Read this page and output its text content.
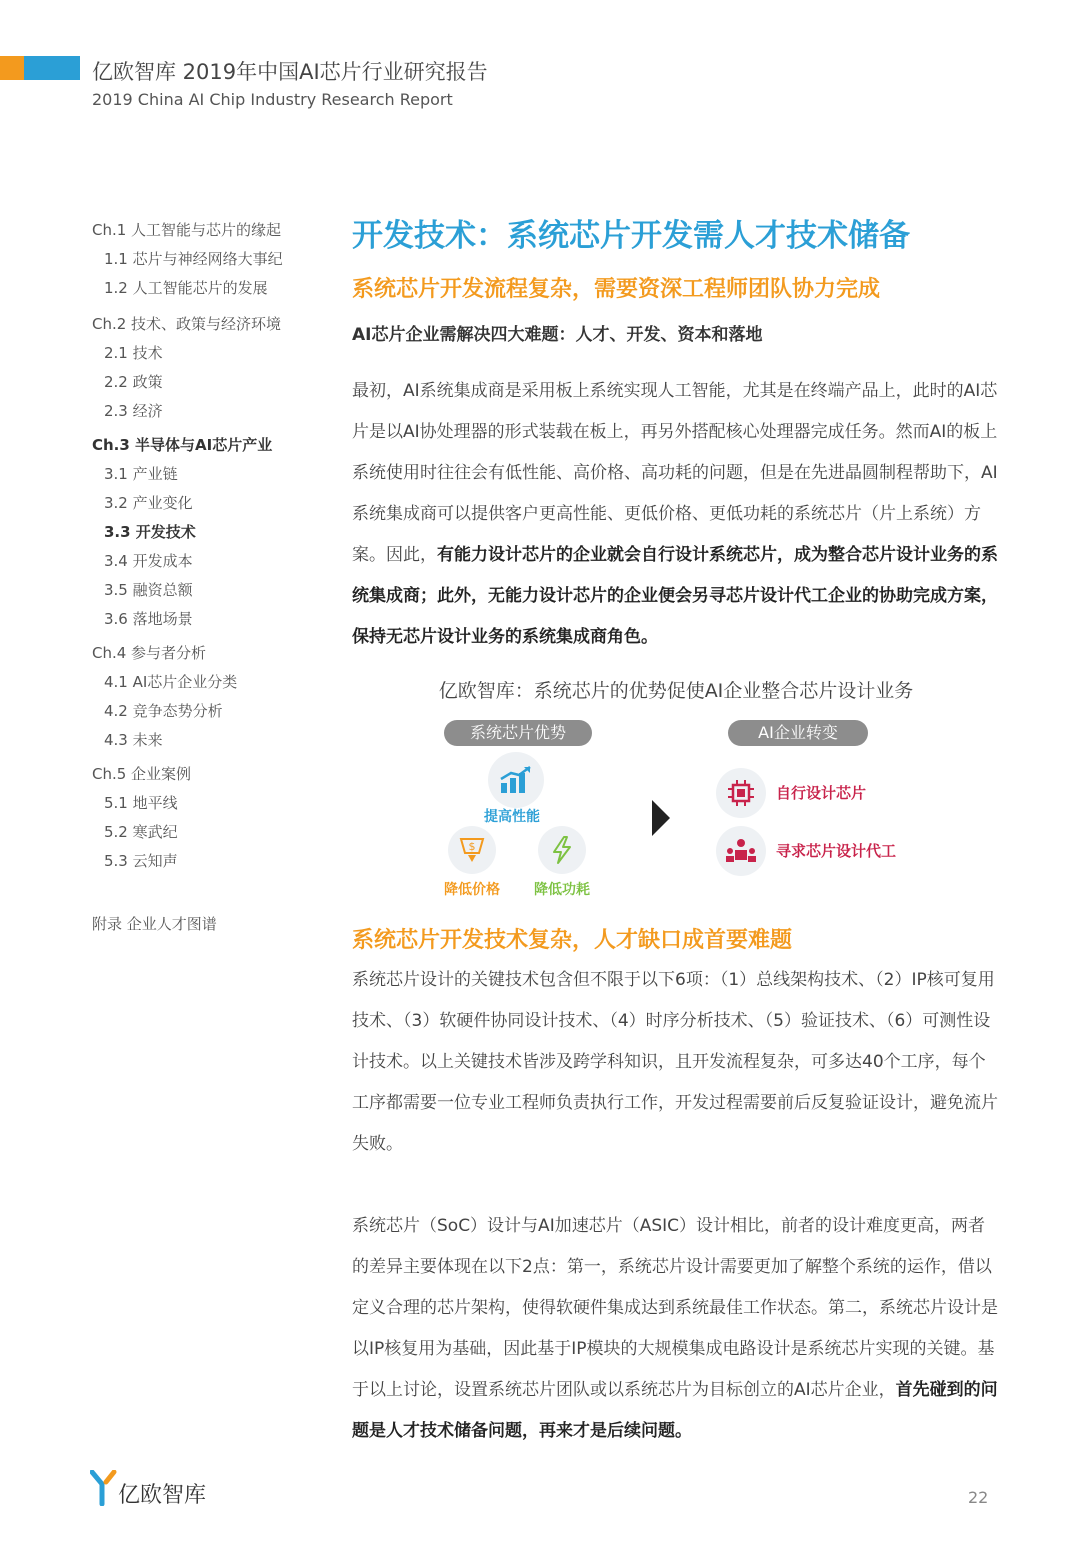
亿欧智库 2019年中国AI芯片行业研究报告
2019 China AI Chip Industry Research Report
Ch.1 人工智能与芯片的缘起
1.1 芯片与神经网络大事纪
1.2 人工智能芯片的发展
Ch.2 技术、政策与经济环境
2.1 技术
2.2 政策
2.3 经济
Ch.3 半导体与AI芯片产业
3.1 产业链
3.2 产业变化
3.3 开发技术
3.4 开发成本
3.5 融资总额
3.6 落地场景
Ch.4 参与者分析
4.1 AI芯片企业分类
4.2 竞争态势分析
4.3 未来
Ch.5 企业案例
5.1 地平线
5.2 寒武纪
5.3 云知声
附录 企业人才图谱
开发技术：系统芯片开发需人才技术储备
系统芯片开发流程复杂，需要资深工程师团队协力完成
AI芯片企业需解决四大难题：人才、开发、资本和落地
最初，AI系统集成商是采用板上系统实现人工智能，尤其是在终端产品上，此时的AI芯片是以AI协处理器的形式装载在板上，再另外搭配核心处理器完成任务。然而AI的板上系统使用时往往会有低性能、高价格、高功耗的问题，但是在先进晶圆制程帮助下，AI系统集成商可以提供客户更高性能、更低价格、更低功耗的系统芯片（片上系统）方案。因此，有能力设计芯片的企业就会自行设计系统芯片，成为整合芯片设计业务的系统集成商；此外，无能力设计芯片的企业便会另寻芯片设计代工企业的协助完成方案，保持无芯片设计业务的系统集成商角色。
亿欧智库：系统芯片的优势促使AI企业整合芯片设计业务
系统芯片优势	AI企业转变
提高性能
$
降低价格 降低功耗
自行设计芯片
寻求芯片设计代工
系统芯片开发技术复杂，人才缺口成首要难题
系统芯片设计的关键技术包含但不限于以下6项：（1）总线架构技术、（2）IP核可复用技术、（3）软硬件协同设计技术、（4）时序分析技术、（5）验证技术、（6）可测性设计技术。以上关键技术皆涉及跨学科知识，且开发流程复杂，可多达40个工序，每个工序都需要一位专业工程师负责执行工作，开发过程需要前后反复验证设计，避免流片失败。
系统芯片（SoC）设计与AI加速芯片（ASIC）设计相比，前者的设计难度更高，两者的差异主要体现在以下2点：第一，系统芯片设计需要更加了解整个系统的运作，借以定义合理的芯片架构，使得软硬件集成达到系统最佳工作状态。第二，系统芯片设计是以IP核复用为基础，因此基于IP模块的大规模集成电路设计是系统芯片实现的关键。基于以上讨论，设置系统芯片团队或以系统芯片为目标创立的AI芯片企业，首先碰到的问题是人才技术储备问题，再来才是后续问题。
亿欧智库	22
